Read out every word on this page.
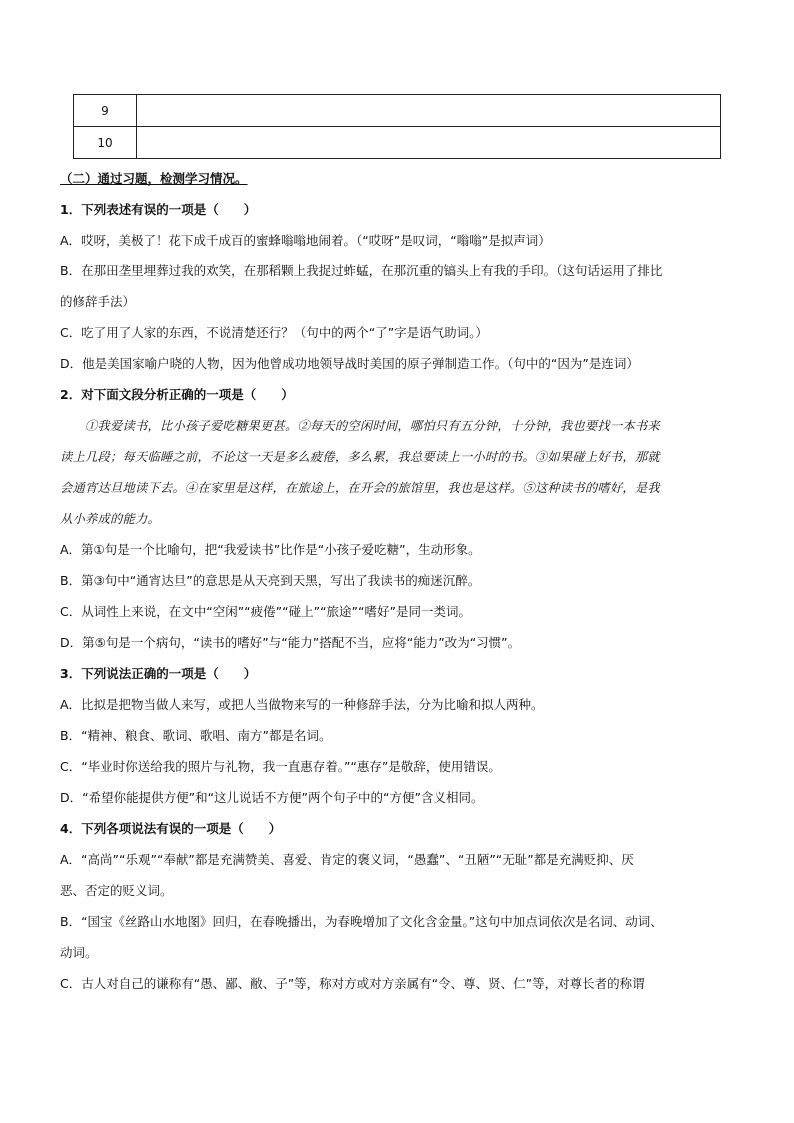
9	
10	
（二）通过习题，检测学习情况。
1．下列表述有误的一项是（　　）
A．哎呀，美极了！花下成千成百的蜜蜂嗡嗡地闹着。（“哎呀”是叹词，“嗡嗡”是拟声词）
B．在那田垄里埋葬过我的欢笑，在那稻颗上我捉过蚱蜢，在那沉重的镐头上有我的手印。（这句话运用了排比
的修辞手法）
C．吃了用了人家的东西，不说清楚还行？（句中的两个“了”字是语气助词。）
D．他是美国家喻户晓的人物，因为他曾成功地领导战时美国的原子弹制造工作。（句中的“因为”是连词）
2．对下面文段分析正确的一项是（　　）
　　①我爱读书，比小孩子爱吃糖果更甚。②每天的空闲时间，哪怕只有五分钟，十分钟，我也要找一本书来
读上几段；每天临睡之前，不论这一天是多么疲倦，多么累，我总要读上一小时的书。③如果碰上好书，那就
会通宵达旦地读下去。④在家里是这样，在旅途上，在开会的旅馆里，我也是这样。⑤这种读书的嗜好，是我
从小养成的能力。
A．第①句是一个比喻句，把“我爱读书”比作是“小孩子爱吃糖”，生动形象。
B．第③句中“通宵达旦”的意思是从天亮到天黑，写出了我读书的痴迷沉醉。
C．从词性上来说，在文中“空闲”“疲倦”“碰上”“旅途”“嗜好”是同一类词。
D．第⑤句是一个病句，“读书的嗜好”与“能力”搭配不当，应将“能力”改为“习惯”。
3．下列说法正确的一项是（　　）
A．比拟是把物当做人来写，或把人当做物来写的一种修辞手法，分为比喻和拟人两种。
B．“精神、粮食、歌词、歌唱、南方”都是名词。
C．“毕业时你送给我的照片与礼物，我一直惠存着。”“惠存”是敬辞，使用错误。
D．“希望你能提供方便”和“这儿说话不方便”两个句子中的“方便”含义相同。
4．下列各项说法有误的一项是（　　）
A．“高尚”“乐观”“奉献”都是充满赞美、喜爱、肯定的褒义词，“愚蠢”、“丑陋”“无耻”都是充满贬抑、厌
恶、否定的贬义词。
B．“国宝《丝路山水地图》回归，在春晚播出，为春晚增加了文化含金量。”这句中加点词依次是名词、动词、
动词。
C．古人对自己的谦称有“愚、鄙、敝、子”等，称对方或对方亲属有“令、尊、贤、仁”等，对尊长者的称谓
